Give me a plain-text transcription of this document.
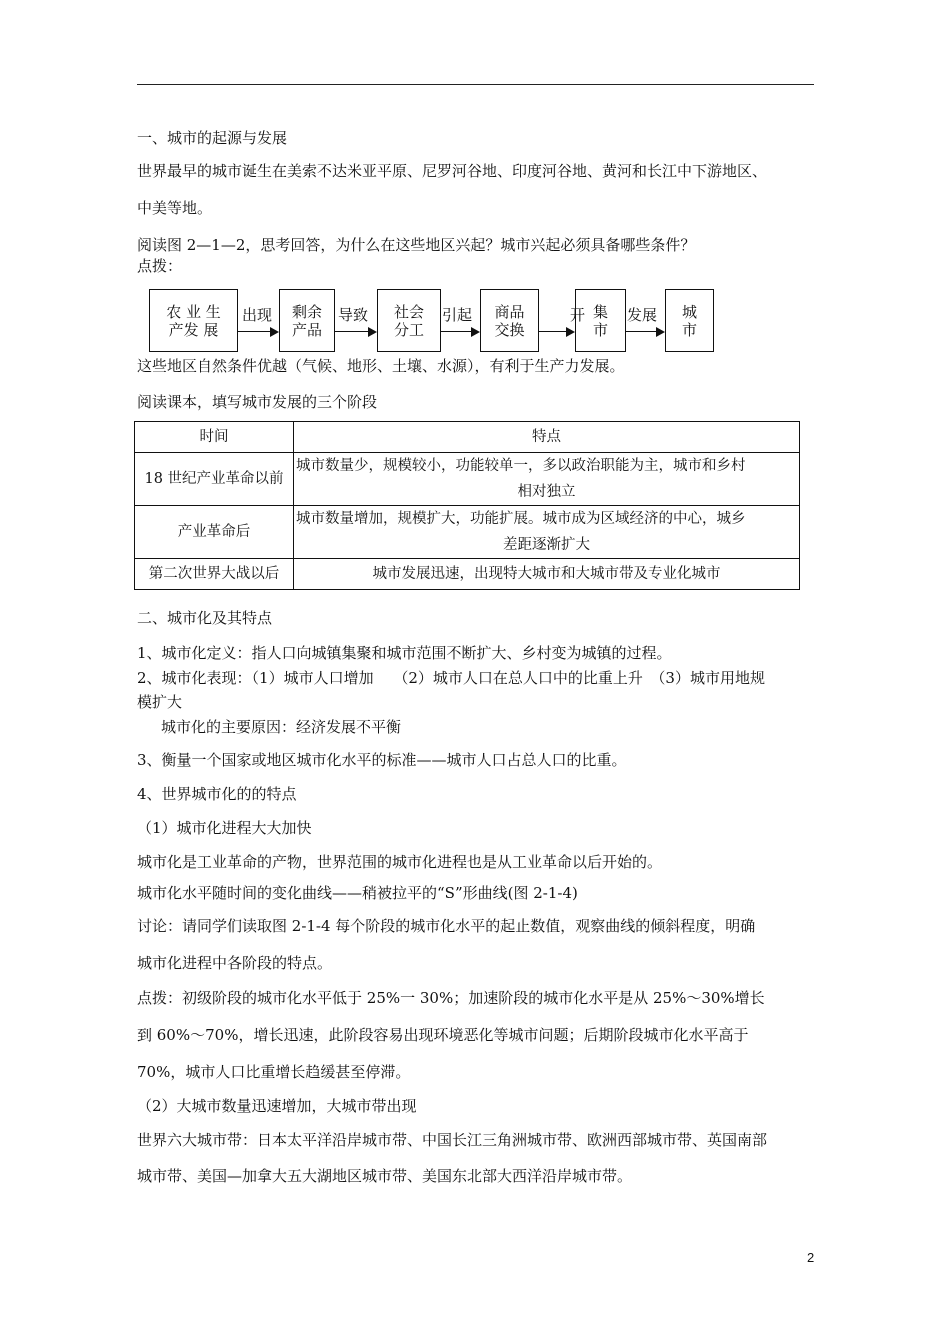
一、城市的起源与发展
世界最早的城市诞生在美索不达米亚平原、尼罗河谷地、印度河谷地、黄河和长江中下游地区、
中美等地。
阅读图 2—1—2，思考回答，为什么在这些地区兴起？城市兴起必须具备哪些条件？
点拨：
农 业 生
产发 展
剩余
产品
社会
分工
商品
交换
集
市
城
市
出现	导致	引起	开	发展
这些地区自然条件优越（气候、地形、土壤、水源），有利于生产力发展。
阅读课本，填写城市发展的三个阶段
时间	特点
18 世纪产业革命以前	城市数量少，规模较小，功能较单一，多以政治职能为主，城市和乡村
相对独立

产业革命后	城市数量增加，规模扩大，功能扩展。城市成为区域经济的中心，城乡
差距逐渐扩大

第二次世界大战以后	城市发展迅速，出现特大城市和大城市带及专业化城市
二、城市化及其特点
1、城市化定义：指人口向城镇集聚和城市范围不断扩大、乡村变为城镇的过程。
2、城市化表现：（1）城市人口增加　 （2）城市人口在总人口中的比重上升　（3）城市用地规
模扩大
城市化的主要原因：经济发展不平衡
3、衡量一个国家或地区城市化水平的标准——城市人口占总人口的比重。
4、世界城市化的的特点
（1）城市化进程大大加快
城市化是工业革命的产物，世界范围的城市化进程也是从工业革命以后开始的。
城市化水平随时间的变化曲线——稍被拉平的“S”形曲线(图 2-1-4)
讨论：请同学们读取图 2-1-4 每个阶段的城市化水平的起止数值，观察曲线的倾斜程度，明确
城市化进程中各阶段的特点。
点拨：初级阶段的城市化水平低于 25%一 30%；加速阶段的城市化水平是从 25%～30%增长
到 60%～70%，增长迅速，此阶段容易出现环境恶化等城市问题；后期阶段城市化水平高于
70%，城市人口比重增长趋缓甚至停滞。
（2）大城市数量迅速增加，大城市带出现
世界六大城市带：日本太平洋沿岸城市带、中国长江三角洲城市带、欧洲西部城市带、英国南部
城市带、美国—加拿大五大湖地区城市带、美国东北部大西洋沿岸城市带。
2
